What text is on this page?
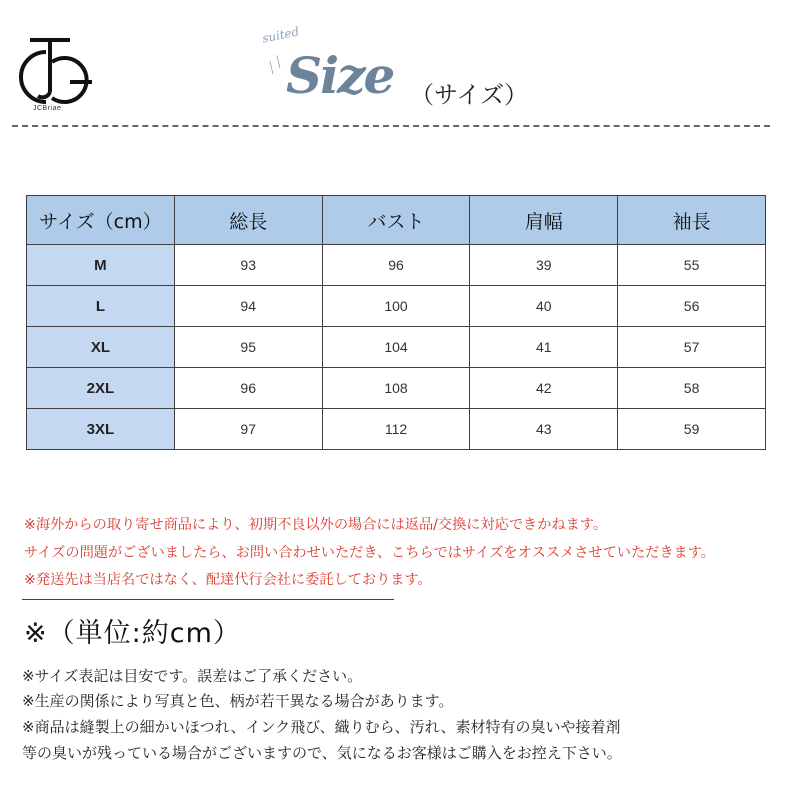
JCBriae
suited
╱ ╱ Size （サイズ）
サイズ（cm）	総長	バスト	肩幅	袖長
M	93	96	39	55
L	94	100	40	56
XL	95	104	41	57
2XL	96	108	42	58
3XL	97	112	43	59
※海外からの取り寄せ商品により、初期不良以外の場合には返品/交換に対応できかねます。
サイズの問題がございましたら、お問い合わせいただき、こちらではサイズをオススメさせていただきます。
※発送先は当店名ではなく、配達代行会社に委託しております。
※（単位:約cm）
※サイズ表記は目安です。誤差はご了承ください。
※生産の関係により写真と色、柄が若干異なる場合があります。
※商品は縫製上の細かいほつれ、インク飛び、織りむら、汚れ、素材特有の臭いや接着剤
等の臭いが残っている場合がございますので、気になるお客様はご購入をお控え下さい。
